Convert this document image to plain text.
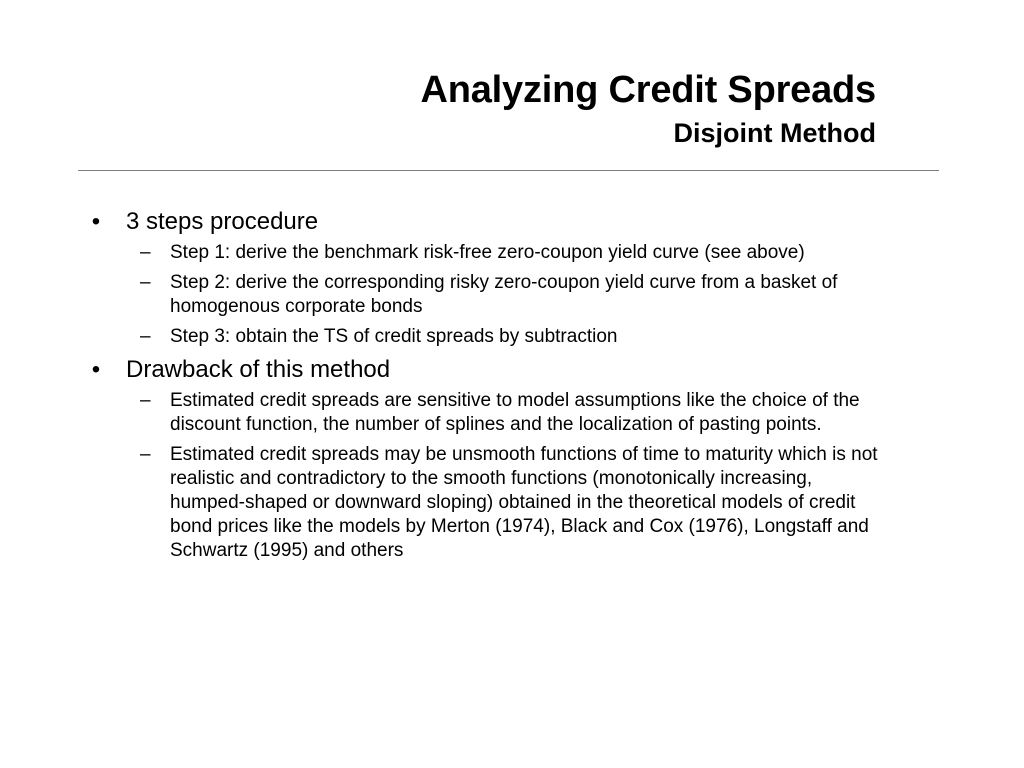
Analyzing Credit Spreads
Disjoint Method
• 3 steps procedure
– Step 1: derive the benchmark risk-free zero-coupon yield curve (see above)
– Step 2: derive the corresponding risky zero-coupon yield curve from a basket of homogenous corporate bonds
– Step 3: obtain the TS of credit spreads by subtraction
• Drawback of this method
– Estimated credit spreads are sensitive to model assumptions like the choice of the discount function, the number of splines and the localization of pasting points.
– Estimated credit spreads may be unsmooth functions of time to maturity which is not realistic and contradictory to the smooth functions (monotonically increasing, humped-shaped or downward sloping) obtained in the theoretical models of credit bond prices like the models by Merton (1974), Black and Cox (1976), Longstaff and Schwartz (1995) and others
